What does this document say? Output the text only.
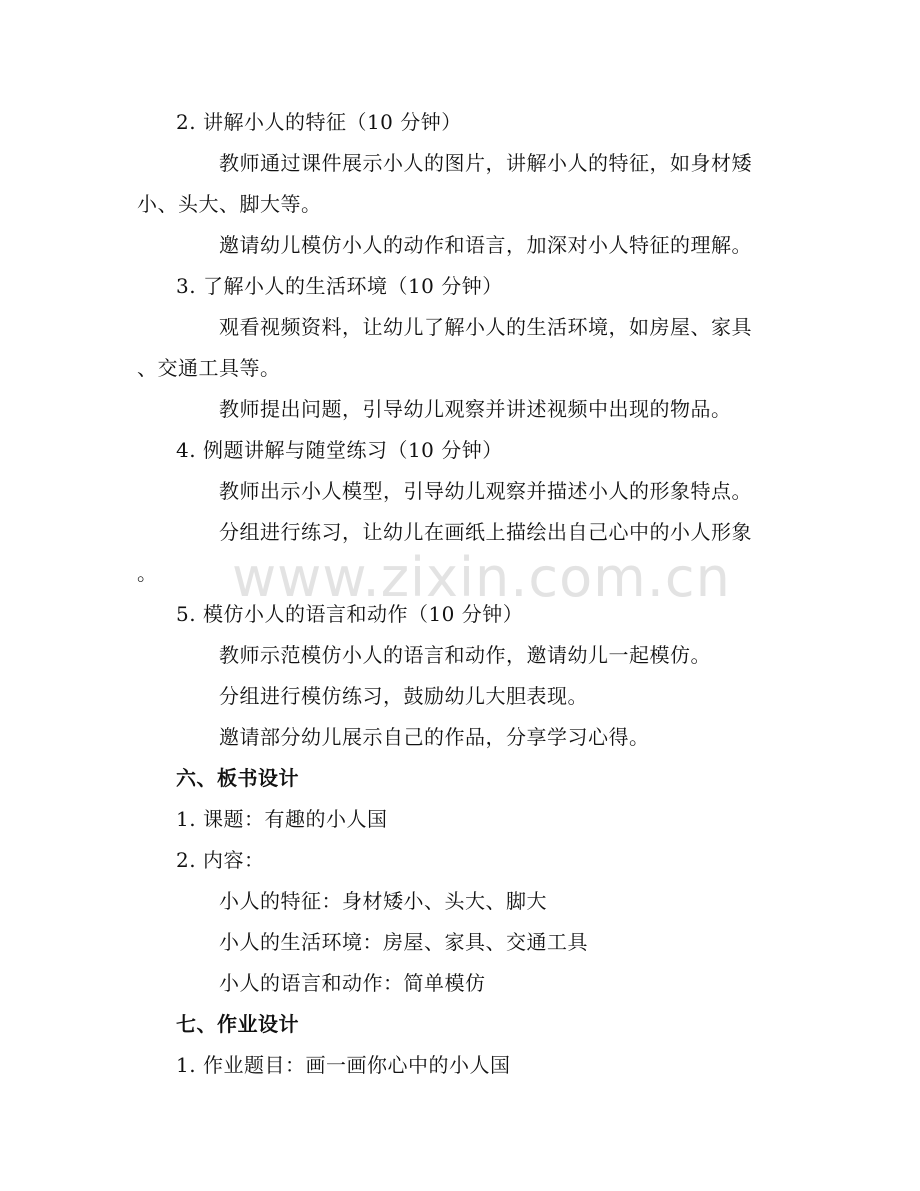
2. 讲解小人的特征（10 分钟）
教师通过课件展示小人的图片，讲解小人的特征，如身材矮
小、头大、脚大等。
邀请幼儿模仿小人的动作和语言，加深对小人特征的理解。
3. 了解小人的生活环境（10 分钟）
观看视频资料，让幼儿了解小人的生活环境，如房屋、家具
、交通工具等。
教师提出问题，引导幼儿观察并讲述视频中出现的物品。
4. 例题讲解与随堂练习（10 分钟）
教师出示小人模型，引导幼儿观察并描述小人的形象特点。
分组进行练习，让幼儿在画纸上描绘出自己心中的小人形象
。
5. 模仿小人的语言和动作（10 分钟）
教师示范模仿小人的语言和动作，邀请幼儿一起模仿。
分组进行模仿练习，鼓励幼儿大胆表现。
邀请部分幼儿展示自己的作品，分享学习心得。
六、板书设计
1. 课题：有趣的小人国
2. 内容：
小人的特征：身材矮小、头大、脚大
小人的生活环境：房屋、家具、交通工具
小人的语言和动作：简单模仿
七、作业设计
1. 作业题目：画一画你心中的小人国
www.zixin.com.cn
